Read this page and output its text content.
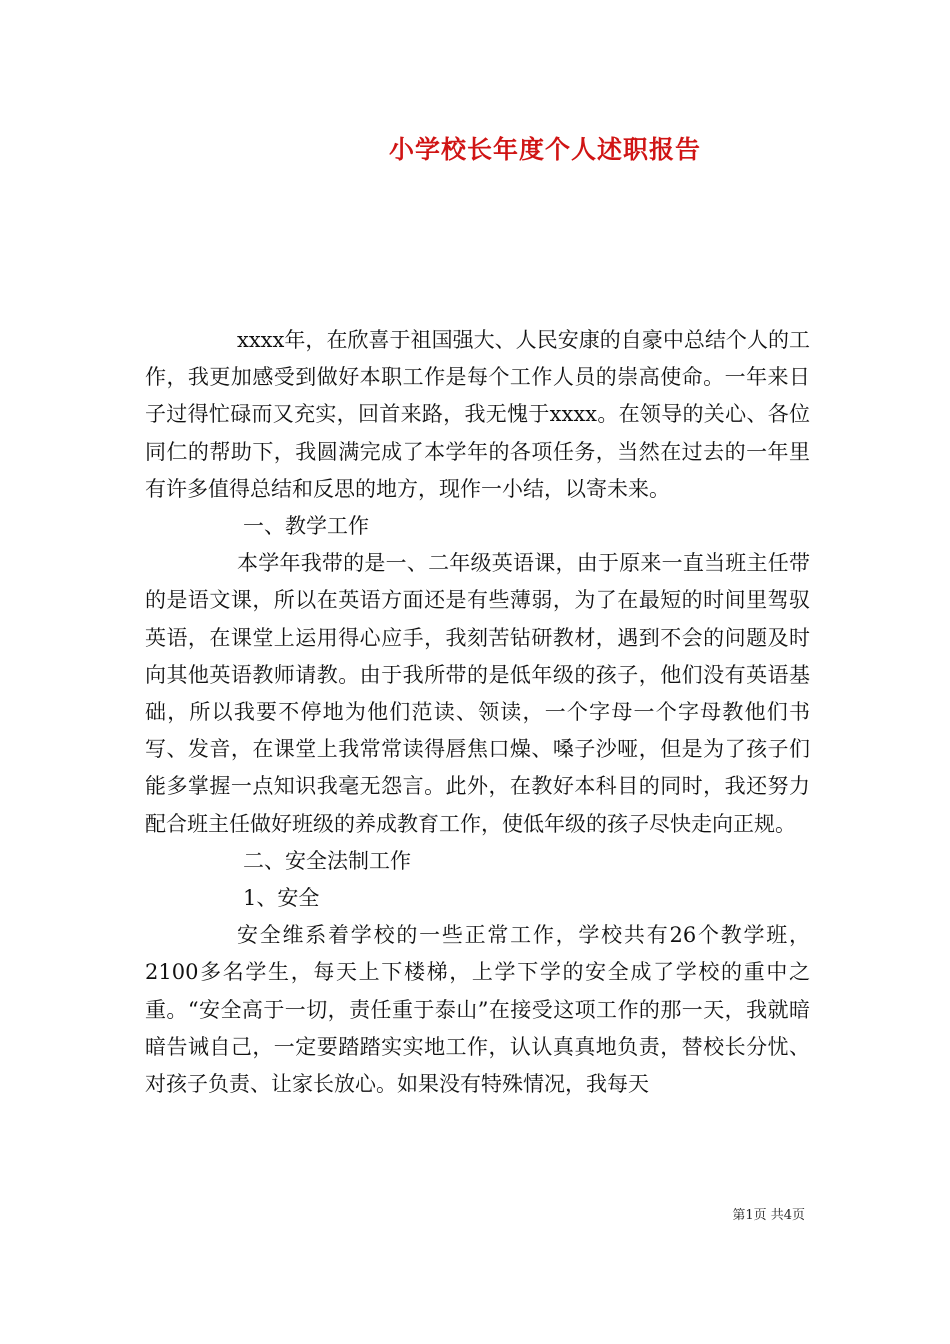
小学校长年度个人述职报告

xxxx年，在欣喜于祖国强大、人民安康的自豪中总结个人的工作，我更加感受到做好本职工作是每个工作人员的崇高使命。一年来日子过得忙碌而又充实，回首来路，我无愧于xxxx。在领导的关心、各位同仁的帮助下，我圆满完成了本学年的各项任务，当然在过去的一年里有许多值得总结和反思的地方，现作一小结，以寄未来。

一、教学工作

本学年我带的是一、二年级英语课，由于原来一直当班主任带的是语文课，所以在英语方面还是有些薄弱，为了在最短的时间里驾驭英语，在课堂上运用得心应手，我刻苦钻研教材，遇到不会的问题及时向其他英语教师请教。由于我所带的是低年级的孩子，他们没有英语基础，所以我要不停地为他们范读、领读，一个字母一个字母教他们书写、发音，在课堂上我常常读得唇焦口燥、嗓子沙哑，但是为了孩子们能多掌握一点知识我毫无怨言。此外，在教好本科目的同时，我还努力配合班主任做好班级的养成教育工作，使低年级的孩子尽快走向正规。

二、安全法制工作

1、安全

安全维系着学校的一些正常工作，学校共有26个教学班，2100多名学生，每天上下楼梯，上学下学的安全成了学校的重中之重。“安全高于一切，责任重于泰山”在接受这项工作的那一天，我就暗暗告诫自己，一定要踏踏实实地工作，认认真真地负责，替校长分忧、对孩子负责、让家长放心。如果没有特殊情况，我每天

第1页 共4页
